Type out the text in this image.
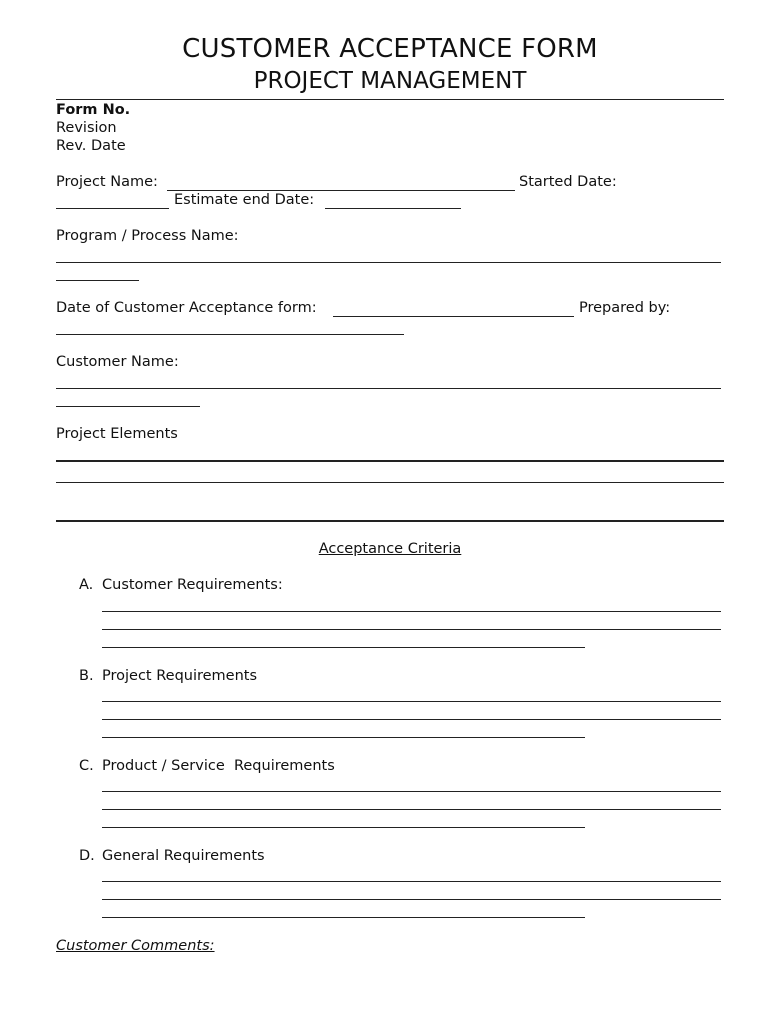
CUSTOMER ACCEPTANCE FORM
PROJECT MANAGEMENT
Form No.
Revision
Rev. Date
Project Name:	Started Date:
Estimate end Date:
Program / Process Name:
Date of Customer Acceptance form:	Prepared by:
Customer Name:
Project Elements
Acceptance Criteria
A. Customer Requirements:
B. Project Requirements
C. Product / Service  Requirements
D. General Requirements
Customer Comments:
